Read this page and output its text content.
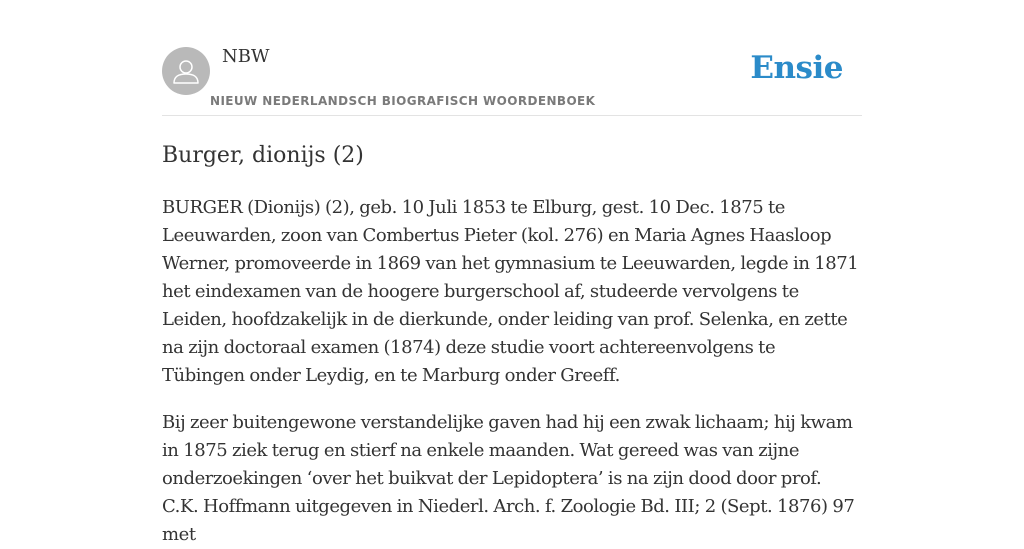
NBW
NIEUW NEDERLANDSCH BIOGRAFISCH WOORDENBOEK
Ensie
Burger, dionijs (2)

BURGER (Dionijs) (2), geb. 10 Juli 1853 te Elburg, gest. 10 Dec. 1875 te Leeuwarden, zoon van Combertus Pieter (kol. 276) en Maria Agnes Haasloop Werner, promoveerde in 1869 van het gymnasium te Leeuwarden, legde in 1871 het eindexamen van de hoogere burgerschool af, studeerde vervolgens te Leiden, hoofdzakelijk in de dierkunde, onder leiding van prof. Selenka, en zette na zijn doctoraal examen (1874) deze studie voort achtereenvolgens te Tübingen onder Leydig, en te Marburg onder Greeff.

Bij zeer buitengewone verstandelijke gaven had hij een zwak lichaam; hij kwam in 1875 ziek terug en stierf na enkele maanden. Wat gereed was van zijne onderzoekingen ‘over het buikvat der Lepidoptera’ is na zijn dood door prof. C.K. Hoffmann uitgegeven in Niederl. Arch. f. Zoologie Bd. III; 2 (Sept. 1876) 97 met
